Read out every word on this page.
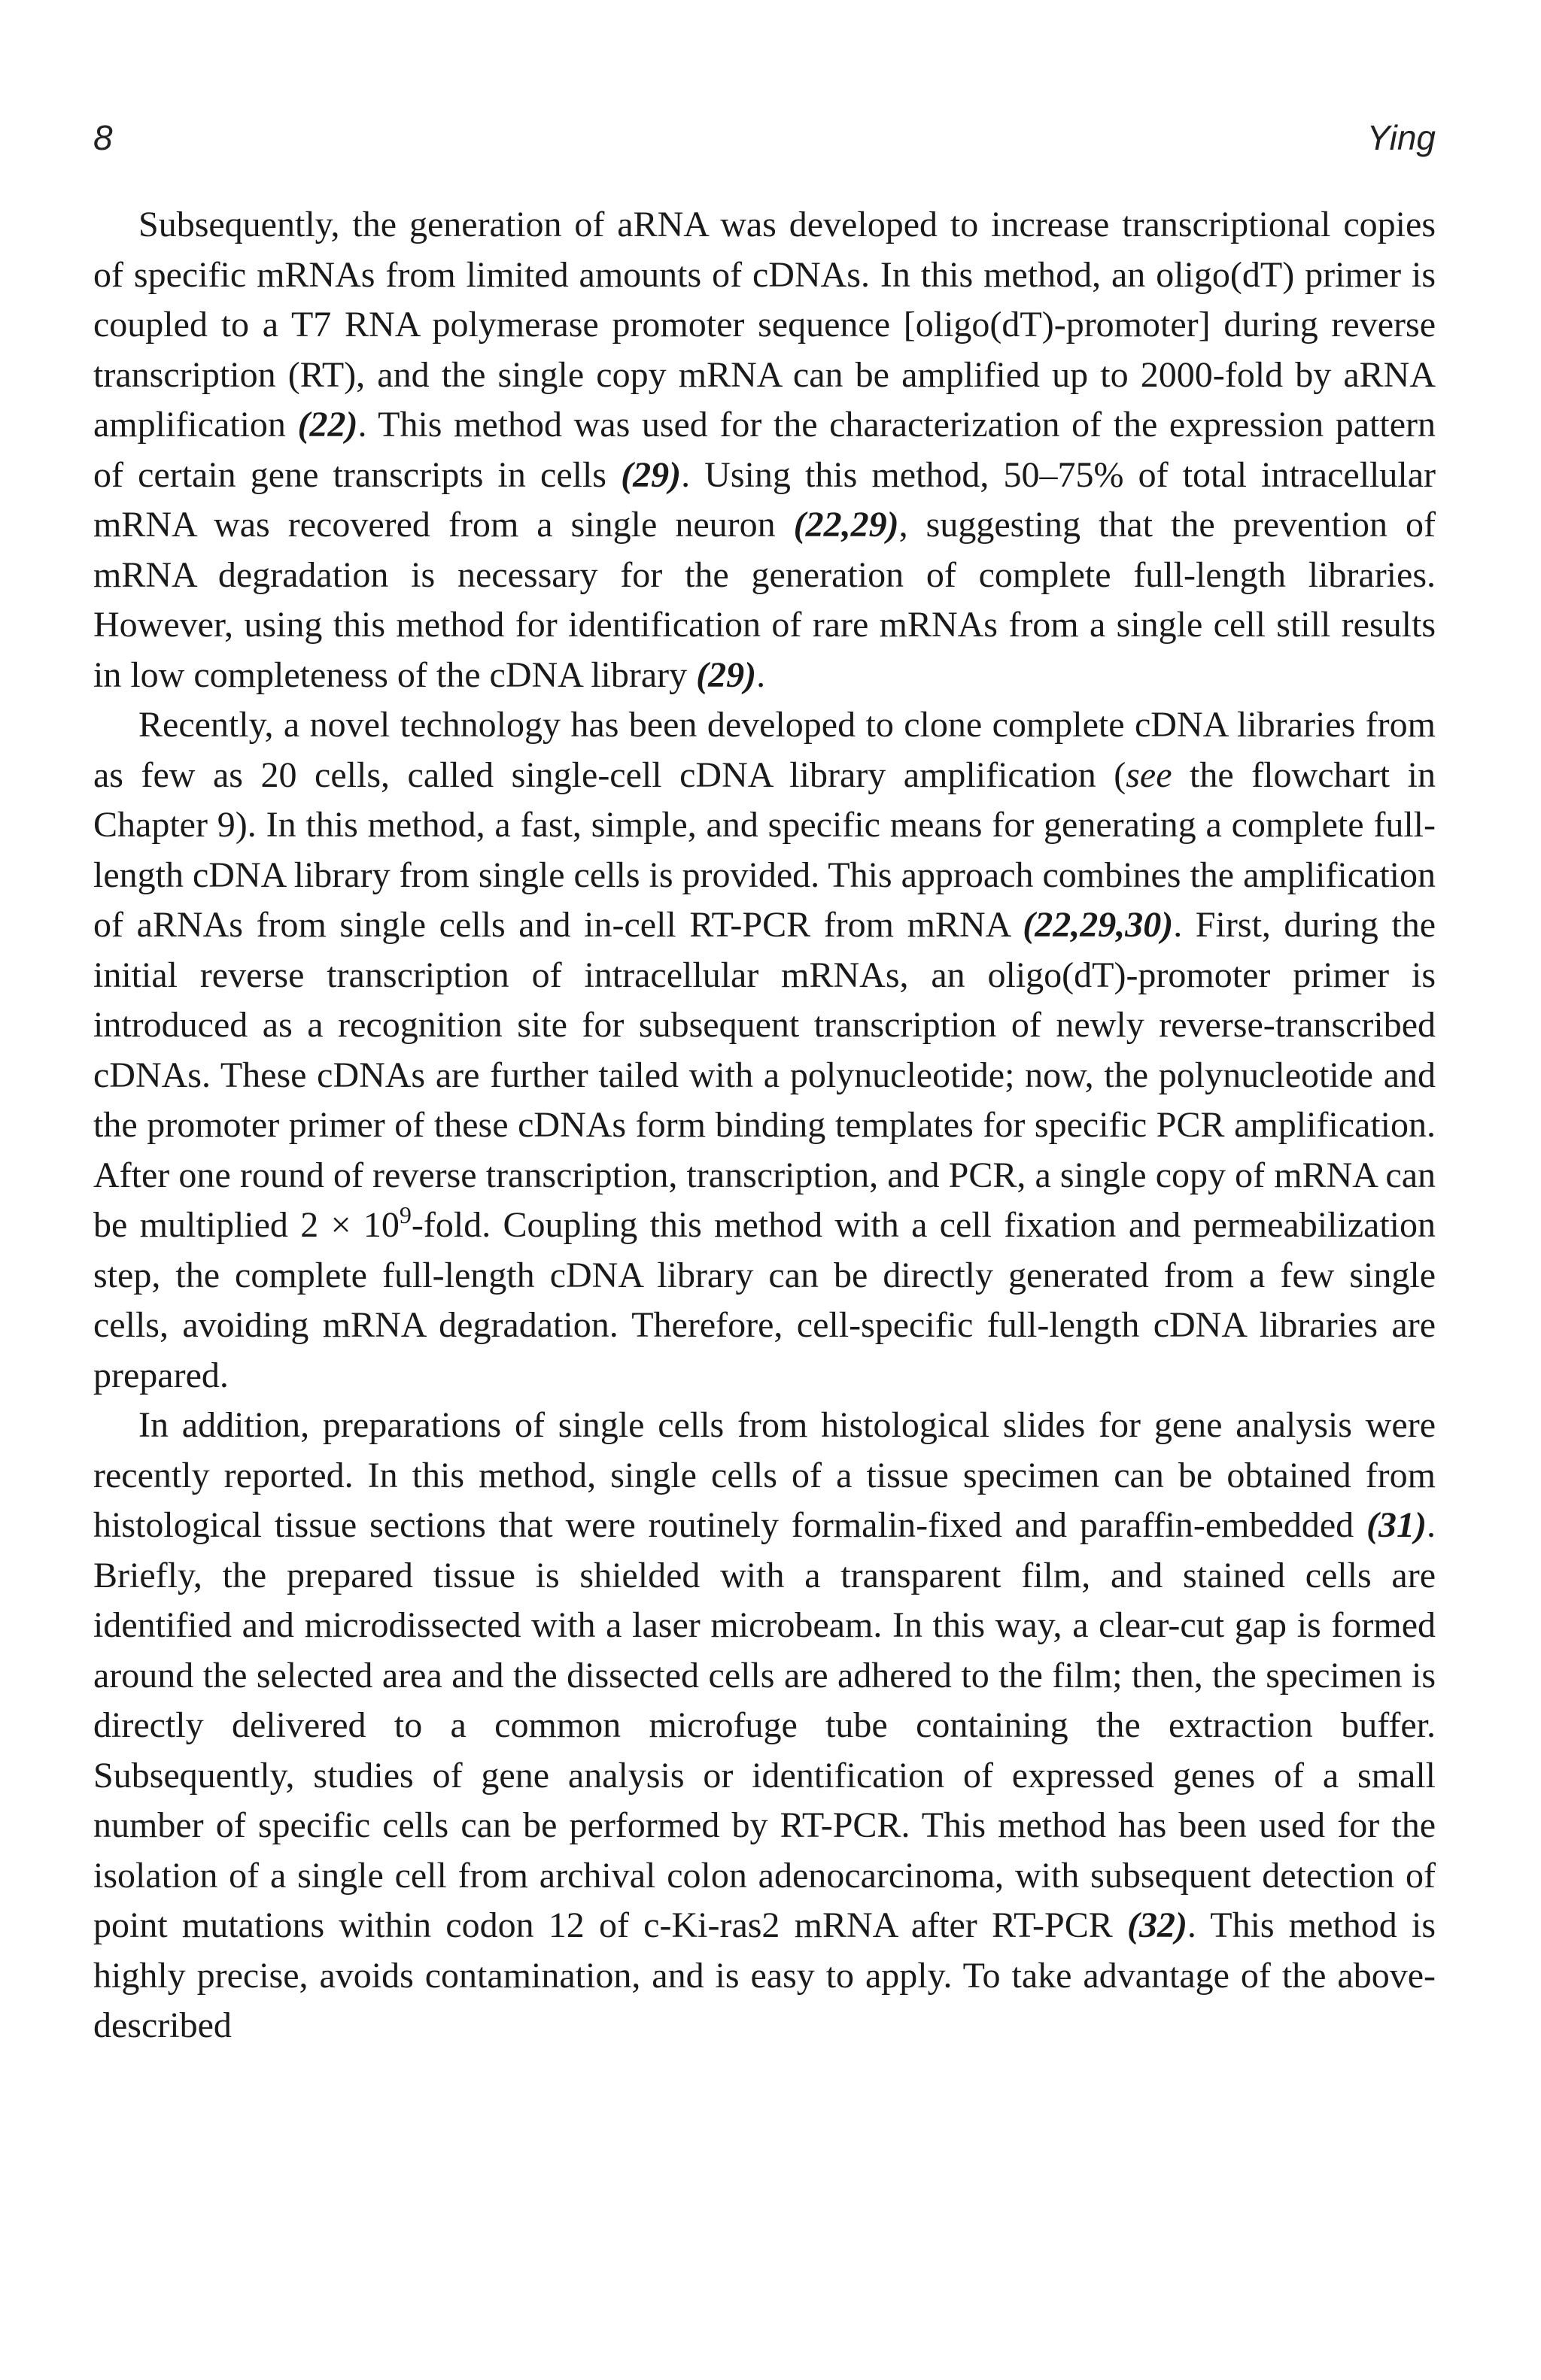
8	Ying

Subsequently, the generation of aRNA was developed to increase transcriptional copies of specific mRNAs from limited amounts of cDNAs. In this method, an oligo(dT) primer is coupled to a T7 RNA polymerase promoter sequence [oligo(dT)-promoter] during reverse transcription (RT), and the single copy mRNA can be amplified up to 2000-fold by aRNA amplification (22). This method was used for the characterization of the expression pattern of certain gene transcripts in cells (29). Using this method, 50–75% of total intracellular mRNA was recovered from a single neuron (22,29), suggesting that the prevention of mRNA degradation is necessary for the generation of complete full-length libraries. However, using this method for identification of rare mRNAs from a single cell still results in low completeness of the cDNA library (29).

Recently, a novel technology has been developed to clone complete cDNA libraries from as few as 20 cells, called single-cell cDNA library amplification (see the flowchart in Chapter 9). In this method, a fast, simple, and specific means for generating a complete full-length cDNA library from single cells is provided. This approach combines the amplification of aRNAs from single cells and in-cell RT-PCR from mRNA (22,29,30). First, during the initial reverse transcription of intracellular mRNAs, an oligo(dT)-promoter primer is introduced as a recognition site for subsequent transcription of newly reverse-transcribed cDNAs. These cDNAs are further tailed with a polynucleotide; now, the polynucleotide and the promoter primer of these cDNAs form binding templates for specific PCR amplification. After one round of reverse transcription, transcription, and PCR, a single copy of mRNA can be multiplied $2 \times 10^9$-fold. Coupling this method with a cell fixation and permeabilization step, the complete full-length cDNA library can be directly generated from a few single cells, avoiding mRNA degradation. Therefore, cell-specific full-length cDNA libraries are prepared.

In addition, preparations of single cells from histological slides for gene analysis were recently reported. In this method, single cells of a tissue specimen can be obtained from histological tissue sections that were routinely formalin-fixed and paraffin-embedded (31). Briefly, the prepared tissue is shielded with a transparent film, and stained cells are identified and microdissected with a laser microbeam. In this way, a clear-cut gap is formed around the selected area and the dissected cells are adhered to the film; then, the specimen is directly delivered to a common microfuge tube containing the extraction buffer. Subsequently, studies of gene analysis or identification of expressed genes of a small number of specific cells can be performed by RT-PCR. This method has been used for the isolation of a single cell from archival colon adenocarcinoma, with subsequent detection of point mutations within codon 12 of c-Ki-ras2 mRNA after RT-PCR (32). This method is highly precise, avoids contamination, and is easy to apply. To take advantage of the above-described
